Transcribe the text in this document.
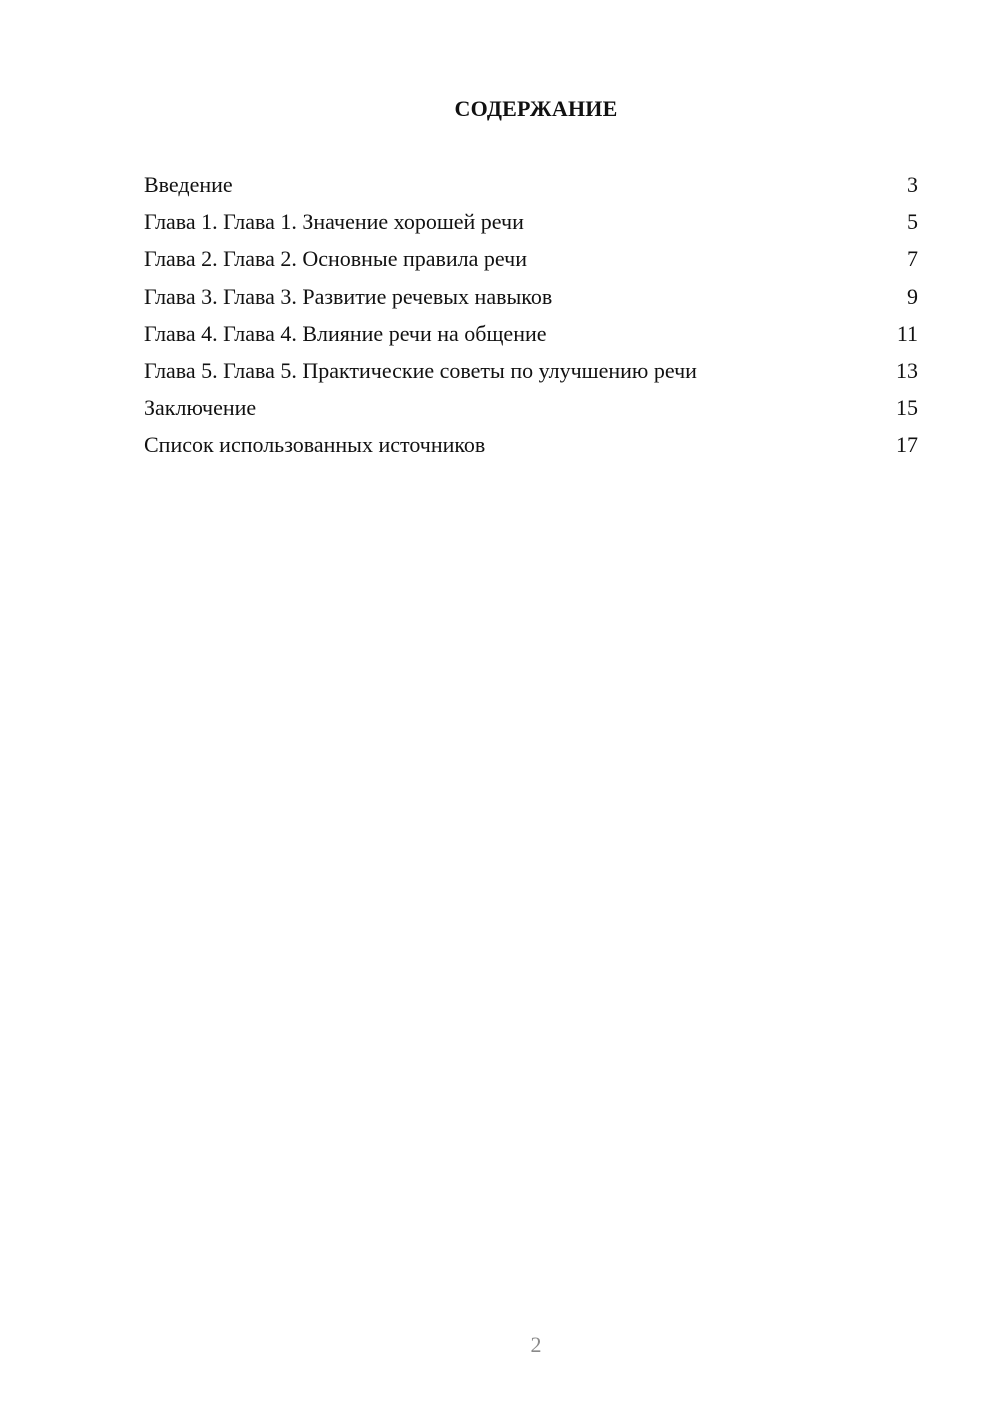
СОДЕРЖАНИЕ
Введение	3
Глава 1. Глава 1. Значение хорошей речи	5
Глава 2. Глава 2. Основные правила речи	7
Глава 3. Глава 3. Развитие речевых навыков	9
Глава 4. Глава 4. Влияние речи на общение	11
Глава 5. Глава 5. Практические советы по улучшению речи	13
Заключение	15
Список использованных источников	17
2
